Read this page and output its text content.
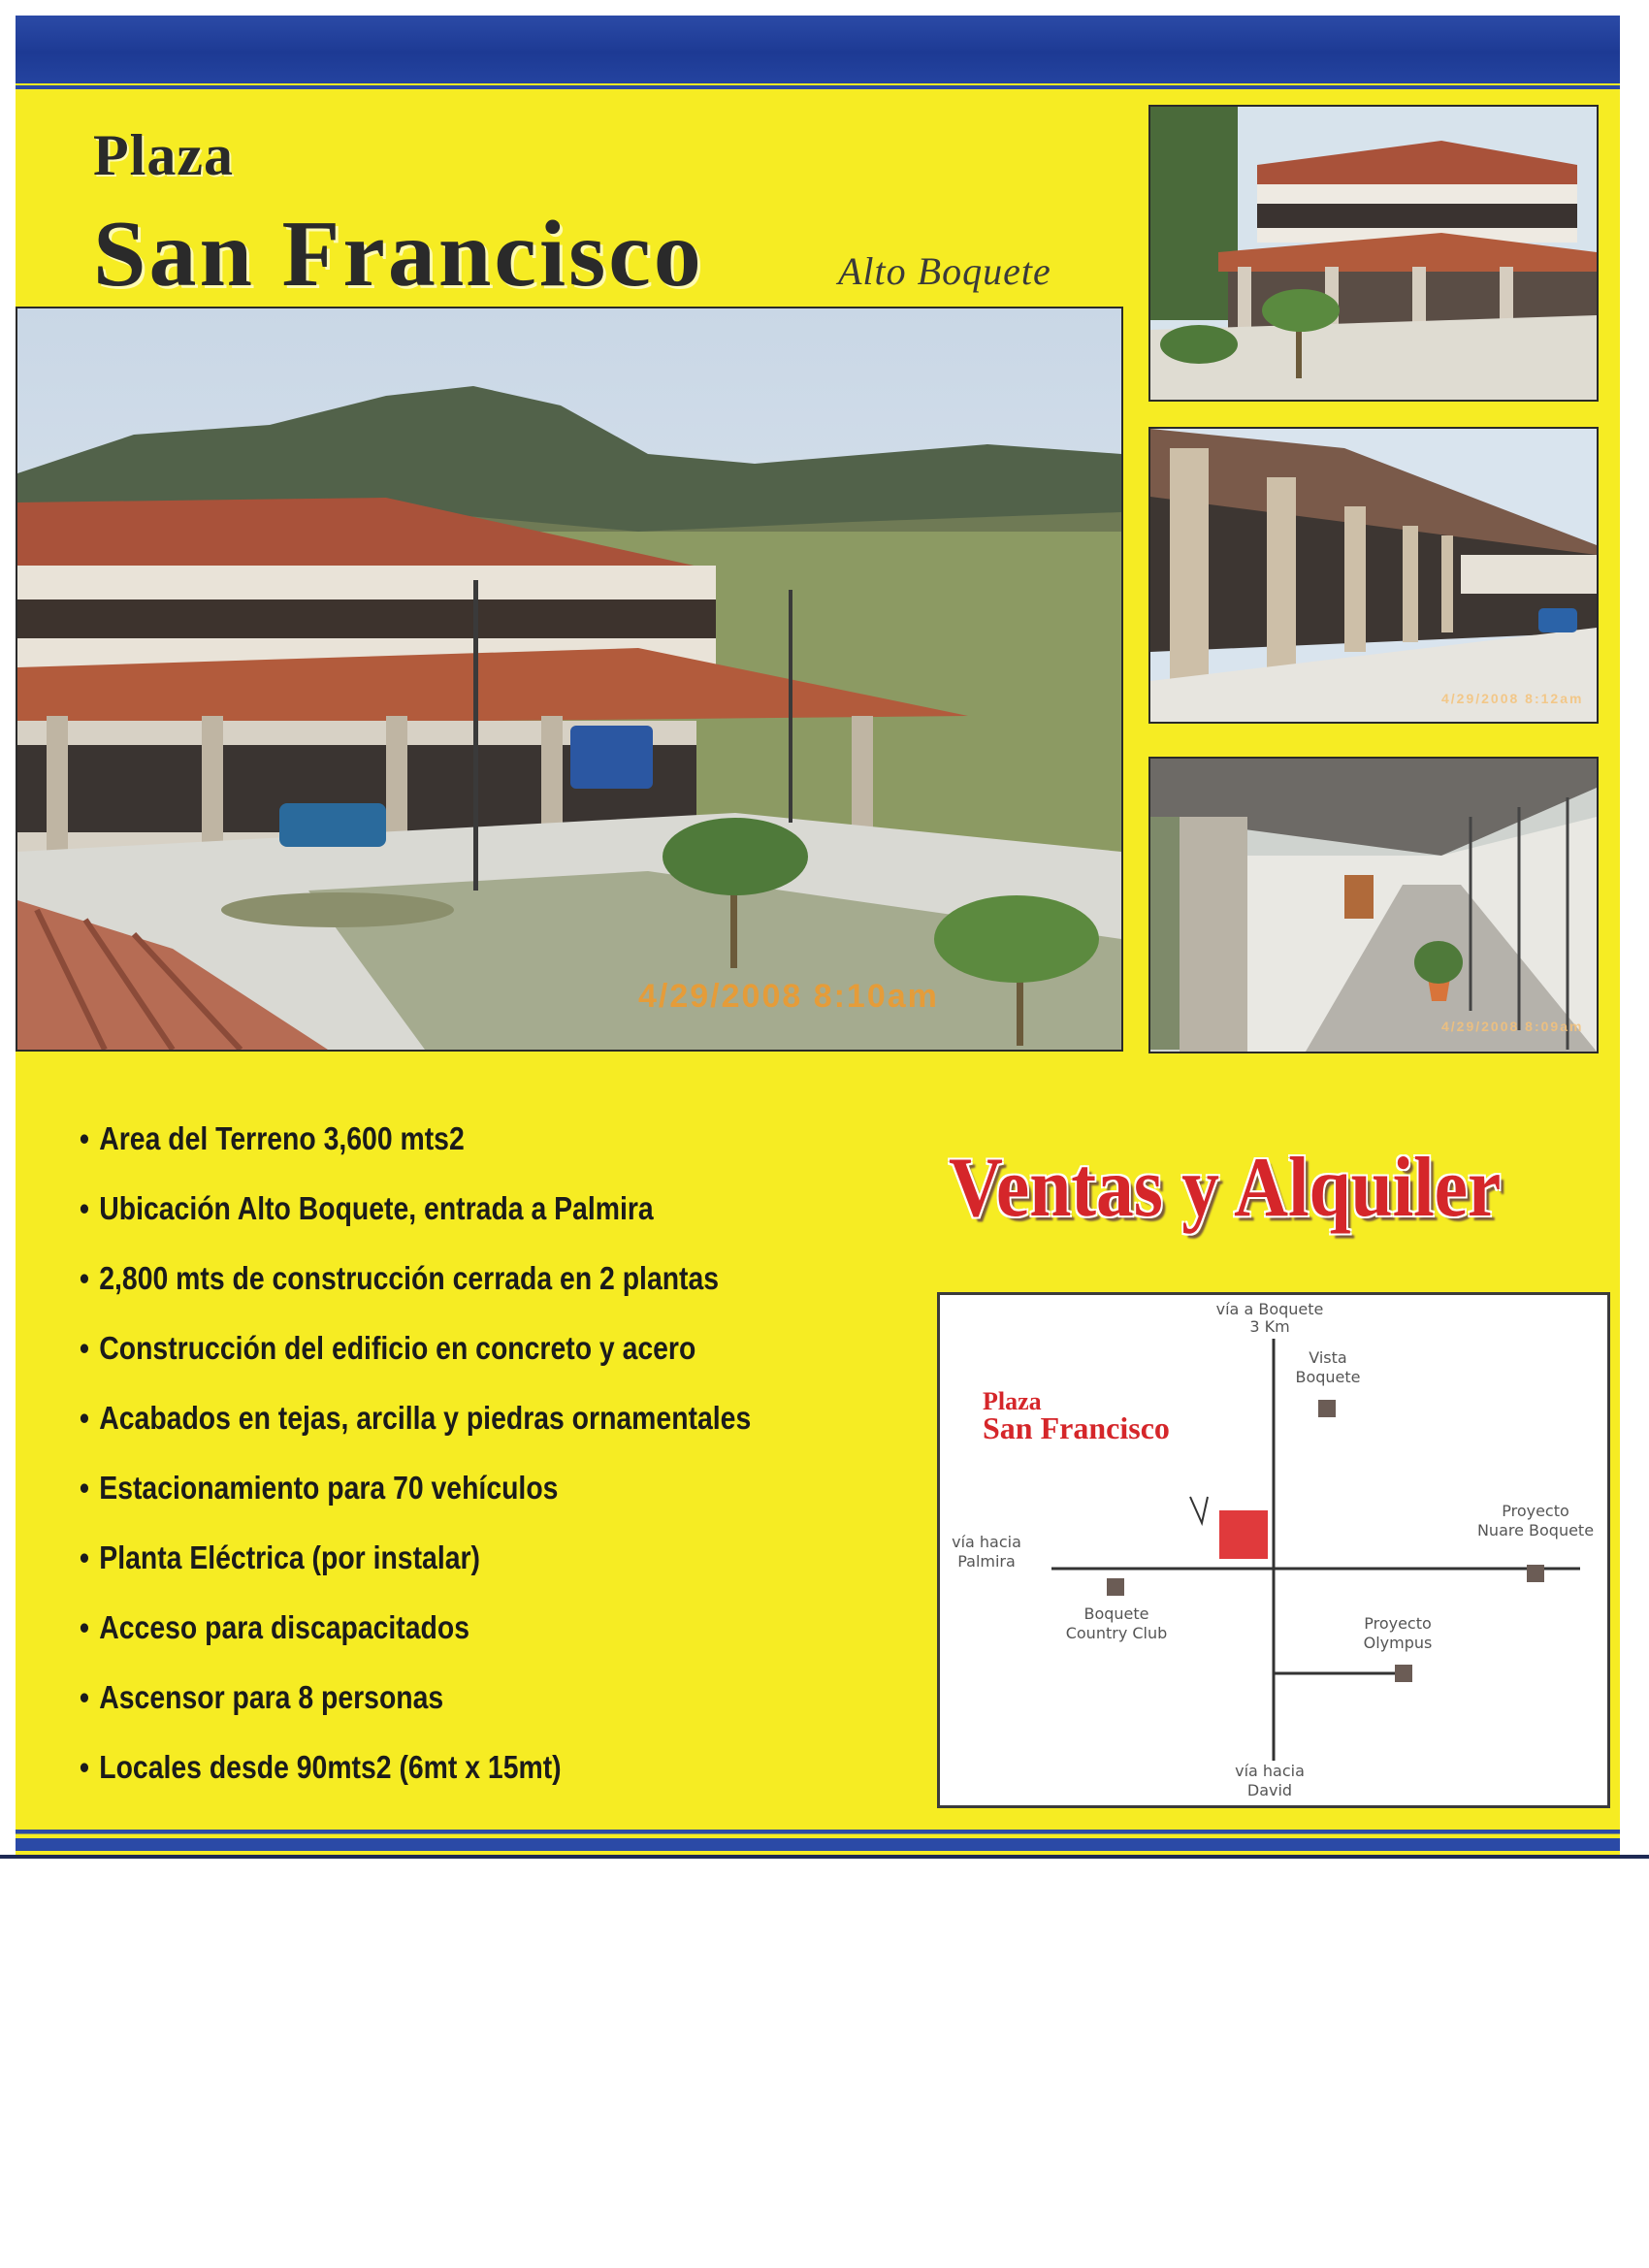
Plaza
San Francisco	Alto Boquete
4/29/2008 8:10am
4/29/2008 8:12am
4/29/2008 8:09am
• Area del Terreno 3,600 mts2
• Ubicación Alto Boquete, entrada a Palmira
• 2,800 mts de construcción cerrada en 2 plantas
• Construcción del edificio en concreto y acero
• Acabados en tejas, arcilla y piedras ornamentales
• Estacionamiento para 70 vehículos
• Planta Eléctrica (por instalar)
• Acceso para discapacitados
• Ascensor para 8 personas
• Locales desde 90mts2 (6mt x 15mt)
Ventas y Alquiler
Plaza
San Francisco
vía a Boquete
3 Km
Vista
Boquete
Proyecto
Nuare Boquete
vía hacia
Palmira
Boquete
Country Club
Proyecto
Olympus
vía hacia
David
